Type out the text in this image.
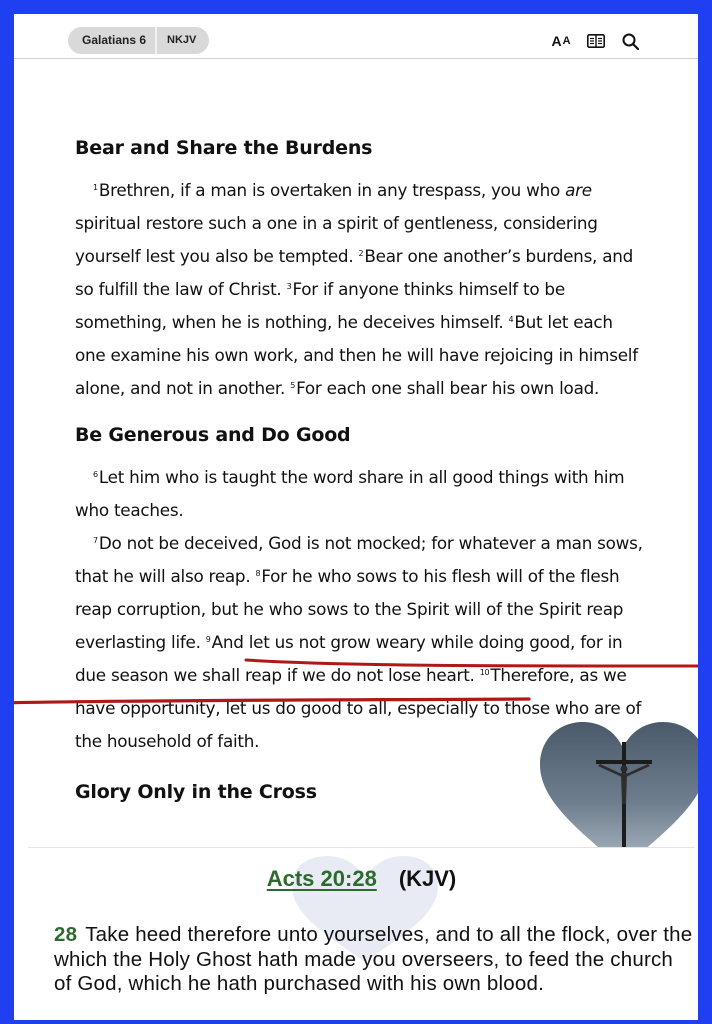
Galatians 6	NKJV	A A
Bear and Share the Burdens

$^1$Brethren, if a man is overtaken in any trespass, you who are spiritual restore such a one in a spirit of gentleness, considering yourself lest you also be tempted. $^2$Bear one another’s burdens, and so fulfill the law of Christ. $^3$For if anyone thinks himself to be something, when he is nothing, he deceives himself. $^4$But let each one examine his own work, and then he will have rejoicing in himself alone, and not in another. $^5$For each one shall bear his own load.

Be Generous and Do Good

$^6$Let him who is taught the word share in all good things with him who teaches.

$^7$Do not be deceived, God is not mocked; for whatever a man sows, that he will also reap. $^8$For he who sows to his flesh will of the flesh reap corruption, but he who sows to the Spirit will of the Spirit reap everlasting life. $^9$And let us not grow weary while doing good, for in due season we shall reap if we do not lose heart. $^{10}$Therefore, as we have opportunity, let us do good to all, especially to those who are of the household of faith.

Glory Only in the Cross
Acts 20:28 (KJV)
28 Take heed therefore unto yourselves, and to all the flock, over the which the Holy Ghost hath made you overseers, to feed the church of God, which he hath purchased with his own blood.
